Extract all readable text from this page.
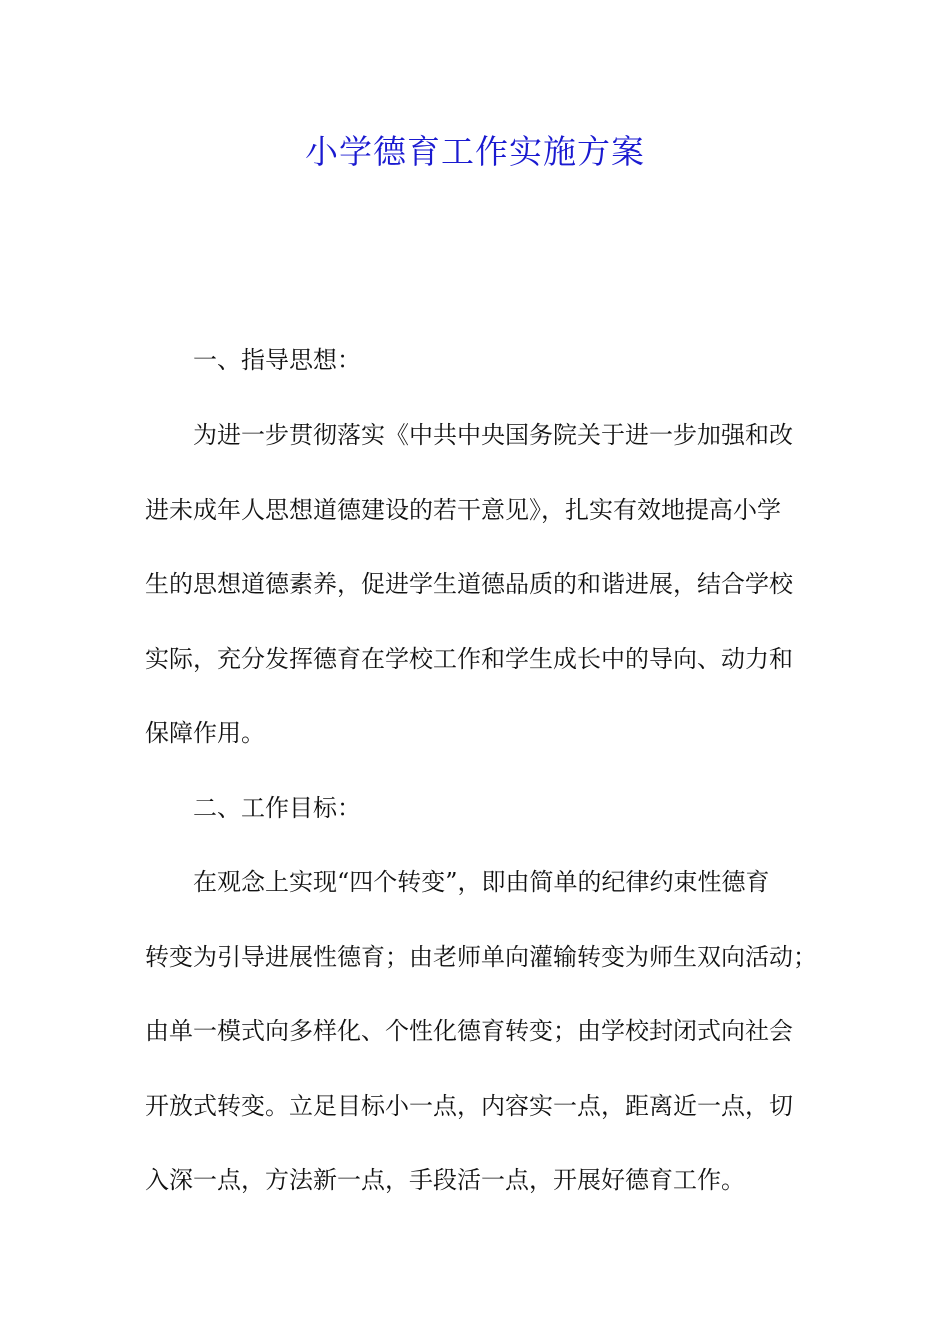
小学德育工作实施方案
一、指导思想：
为进一步贯彻落实《中共中央国务院关于进一步加强和改
进未成年人思想道德建设的若干意见》，扎实有效地提高小学
生的思想道德素养，促进学生道德品质的和谐进展，结合学校
实际，充分发挥德育在学校工作和学生成长中的导向、动力和
保障作用。
二、工作目标：
在观念上实现“四个转变”，即由简单的纪律约束性德育
转变为引导进展性德育；由老师单向灌输转变为师生双向活动；
由单一模式向多样化、个性化德育转变；由学校封闭式向社会
开放式转变。立足目标小一点，内容实一点，距离近一点，切
入深一点，方法新一点，手段活一点，开展好德育工作。
